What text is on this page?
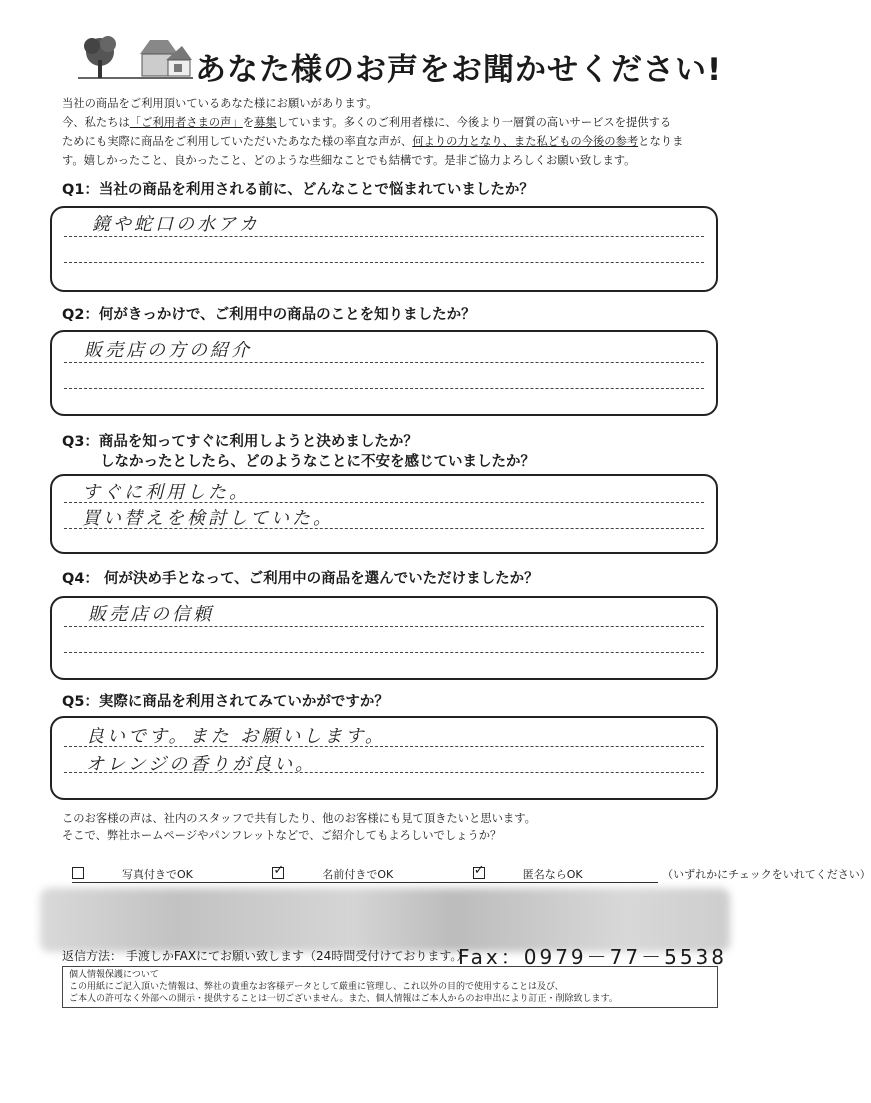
あなた様のお声をお聞かせください!

当社の商品をご利用頂いているあなた様にお願いがあります。

今、私たちは「ご利用者さまの声」を募集しています。多くのご利用者様に、今後より一層質の高いサービスを提供する

ためにも実際に商品をご利用していただいたあなた様の率直な声が、何よりの力となり、また私どもの今後の参考となりま

す。嬉しかったこと、良かったこと、どのような些細なことでも結構です。是非ご協力よろしくお願い致します。

Q1：当社の商品を利用される前に、どんなことで悩まれていましたか？
鏡や蛇口の水アカ
Q2：何がきっかけで、ご利用中の商品のことを知りましたか？
販売店の方の紹介
Q3：商品を知ってすぐに利用しようと決めましたか？
しなかったとしたら、どのようなことに不安を感じていましたか？
すぐに利用した。
買い替えを検討していた。
Q4： 何が決め手となって、ご利用中の商品を選んでいただけましたか？
販売店の信頼
Q5：実際に商品を利用されてみていかがですか？
良いです。また お願いします。
オレンジの香りが良い。

このお客様の声は、社内のスタッフで共有したり、他のお客様にも見て頂きたいと思います。

そこで、弊社ホームページやパンフレットなどで、ご紹介してもよろしいでしょうか？

写真付きでOK	✓	名前付きでOK	✓	匿名ならOK	（いずれかにチェックをいれてください）
返信方法： 手渡しかFAXにてお願い致します（24時間受付けております。）
Fax：0979－77－5538

個人情報保護について

この用紙にご記入頂いた情報は、弊社の貴重なお客様データとして厳重に管理し、これ以外の目的で使用することは及び、

ご本人の許可なく外部への開示・提供することは一切ございません。また、個人情報はご本人からのお申出により訂正・削除致します。
